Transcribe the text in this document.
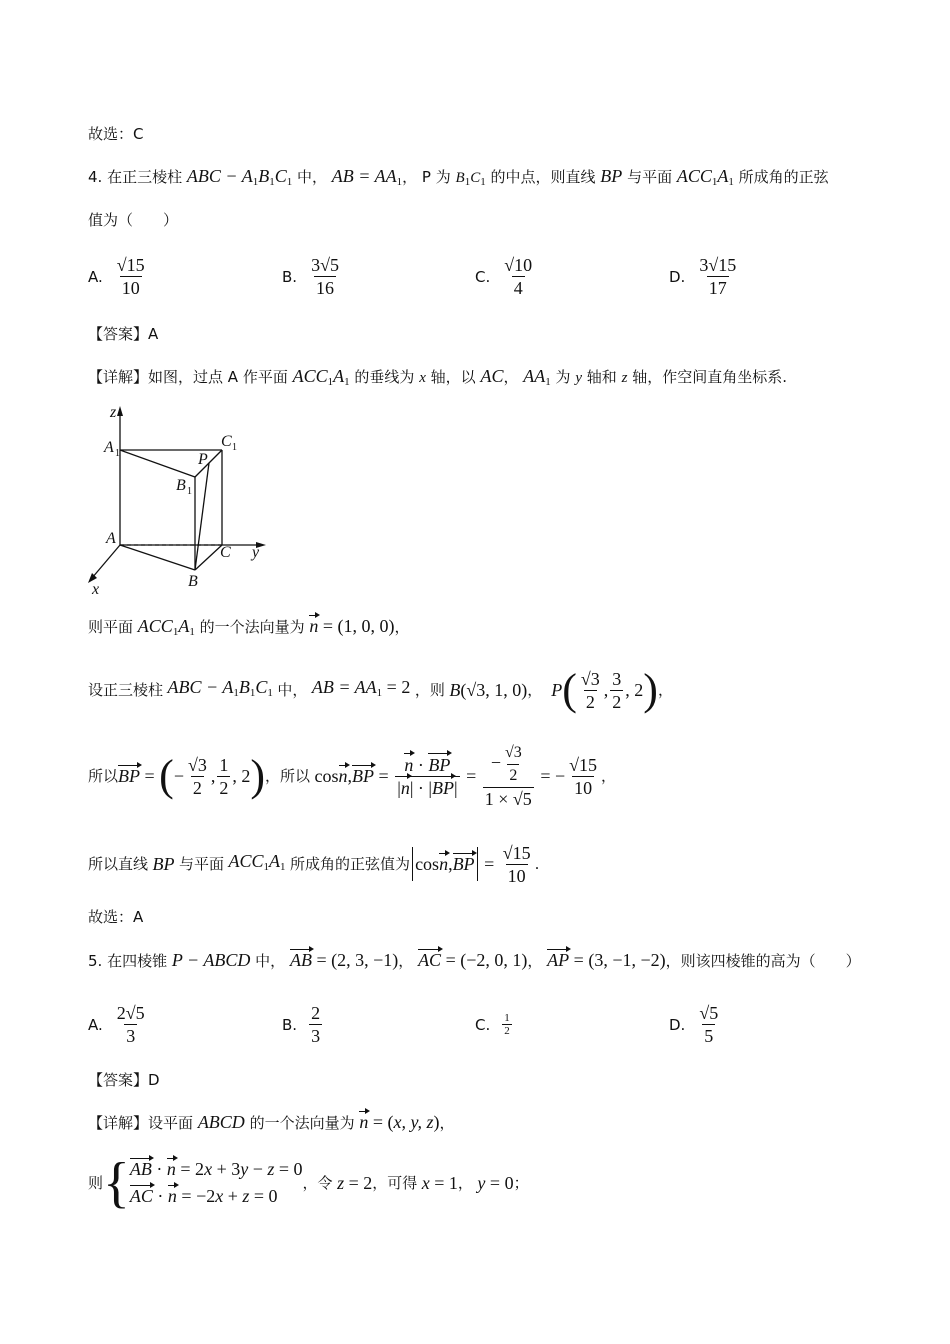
故选：C
4. 在正三棱柱 ABC − $A_1B_1C_1$ 中， AB = $AA_1$， P 为 $B_1C_1$ 的中点，则直线 BP 与平面 $ACC_1A_1$ 所成角的正弦
值为（　　）
A. $\frac{√15}{10}$	B. $\frac{3√5}{16}$	C. $\frac{√10}{4}$	D. $\frac{3√15}{17}$
【答案】A
【详解】如图，过点 A 作平面 $ACC_1A_1$ 的垂线为 x 轴，以 AC， $AA_1$ 为 y 轴和 z 轴，作空间直角坐标系.
z
y
x
A
A 1
B
B 1
C
C 1
P
则平面 $ACC_1A_1$ 的一个法向量为 n = (1, 0, 0)，
设正三棱柱 ABC − $A_1B_1C_1$ 中， AB = $AA_1 = 2$ ，则 B (√3, 1, 0) ， P ( $\frac{√3}{2}$ , $\frac{3}{2}$ , 2 ) ，
所以 BP = ( − $\frac{√3}{2}$ , $\frac{1}{2}$ , 2 ) ，所以 cos n , BP = $\frac{n \cdot BP}{|n| \cdot |BP|} = \frac{- \frac{√3}{2}}{1 \times √5}$ = − $\frac{√15}{10}$ ，
所以直线 BP 与平面 $ACC_1A_1$ 所成角的正弦值为 cos n , BP = $\frac{√15}{10}$ .
故选：A
5. 在四棱锥 P − ABCD 中， AB = (2, 3, −1)， AC = (−2, 0, 1)， AP = (3, −1, −2)，则该四棱锥的高为（　　）
A. $\frac{2√5}{3}$	B. $\frac{2}{3}$	C. $\frac{1}{2}$	D. $\frac{√5}{5}$
【答案】D
【详解】设平面 ABCD 的一个法向量为 n = (x, y, z)，
则 { AB · n = 2x + 3y − z = 0
AC · n = −2x + z = 0
，令 z = 2 ，可得 x = 1 ， y = 0 ；
